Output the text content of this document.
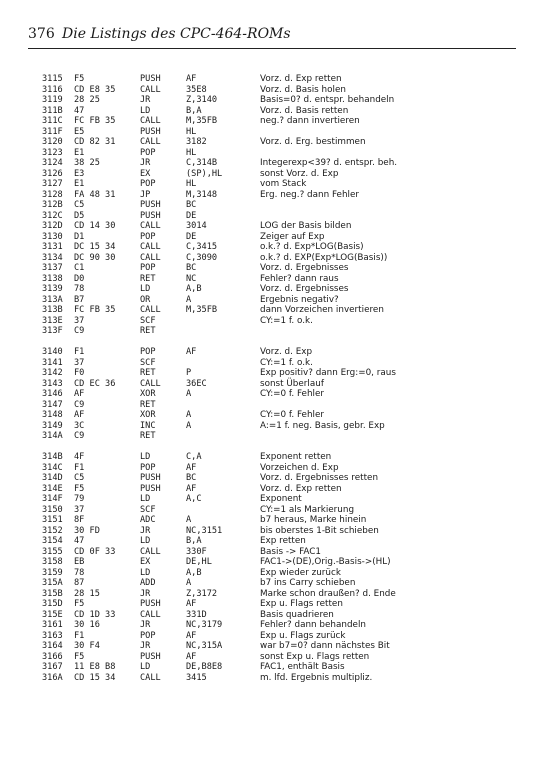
376 Die Listings des CPC-464-ROMs
3115 F5	PUSH	AF	Vorz. d. Exp retten
3116 CD E8 35	CALL	35E8	Vorz. d. Basis holen
3119 28 25	JR	Z,3140	Basis=0? d. entspr. behandeln
311B 47	LD	B,A	Vorz. d. Basis retten
311C FC FB 35	CALL	M,35FB	neg.? dann invertieren
311F E5	PUSH	HL
3120 CD 82 31	CALL	3182	Vorz. d. Erg. bestimmen
3123 E1	POP	HL
3124 38 25	JR	C,314B	Integerexp<39? d. entspr. beh.
3126 E3	EX	(SP),HL	sonst Vorz. d. Exp
3127 E1	POP	HL	vom Stack
3128 FA 48 31	JP	M,3148	Erg. neg.? dann Fehler
312B C5	PUSH	BC
312C D5	PUSH	DE
312D CD 14 30	CALL	3014	LOG der Basis bilden
3130 D1	POP	DE	Zeiger auf Exp
3131 DC 15 34	CALL	C,3415	o.k.? d. Exp*LOG(Basis)
3134 DC 90 30	CALL	C,3090	o.k.? d. EXP(Exp*LOG(Basis))
3137 C1	POP	BC	Vorz. d. Ergebnisses
3138 D0	RET	NC	Fehler? dann raus
3139 78	LD	A,B	Vorz. d. Ergebnisses
313A B7	OR	A	Ergebnis negativ?
313B FC FB 35	CALL	M,35FB	dann Vorzeichen invertieren
313E 37	SCF	CY:=1 f. o.k.
313F C9	RET
3140 F1	POP	AF	Vorz. d. Exp
3141 37	SCF	CY:=1 f. o.k.
3142 F0	RET	P	Exp positiv? dann Erg:=0, raus
3143 CD EC 36	CALL	36EC	sonst Überlauf
3146 AF	XOR	A	CY:=0 f. Fehler
3147 C9	RET
3148 AF	XOR	A	CY:=0 f. Fehler
3149 3C	INC	A	A:=1 f. neg. Basis, gebr. Exp
314A C9	RET
314B 4F	LD	C,A	Exponent retten
314C F1	POP	AF	Vorzeichen d. Exp
314D C5	PUSH	BC	Vorz. d. Ergebnisses retten
314E F5	PUSH	AF	Vorz. d. Exp retten
314F 79	LD	A,C	Exponent
3150 37	SCF	CY:=1 als Markierung
3151 8F	ADC	A	b7 heraus, Marke hinein
3152 30 FD	JR	NC,3151	bis oberstes 1-Bit schieben
3154 47	LD	B,A	Exp retten
3155 CD 0F 33	CALL	330F	Basis -> FAC1
3158 EB	EX	DE,HL	FAC1->(DE),Orig.-Basis->(HL)
3159 78	LD	A,B	Exp wieder zurück
315A 87	ADD	A	b7 ins Carry schieben
315B 28 15	JR	Z,3172	Marke schon draußen? d. Ende
315D F5	PUSH	AF	Exp u. Flags retten
315E CD 1D 33	CALL	331D	Basis quadrieren
3161 30 16	JR	NC,3179	Fehler? dann behandeln
3163 F1	POP	AF	Exp u. Flags zurück
3164 30 F4	JR	NC,315A	war b7=0? dann nächstes Bit
3166 F5	PUSH	AF	sonst Exp u. Flags retten
3167 11 E8 B8	LD	DE,B8E8	FAC1, enthält Basis
316A CD 15 34	CALL	3415	m. lfd. Ergebnis multipliz.
